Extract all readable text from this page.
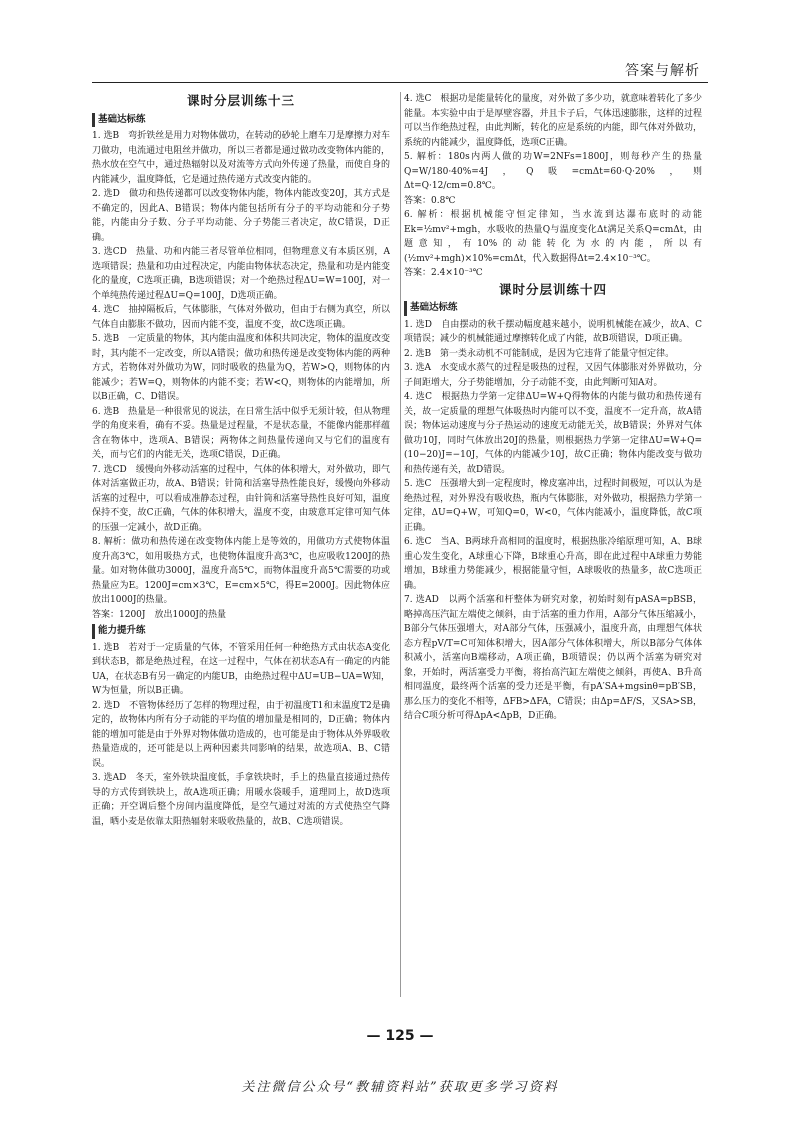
答案与解析
课时分层训练十三
基础达标练

1. 选B　弯折铁丝是用力对物体做功，在转动的砂轮上磨车刀是摩擦力对车刀做功，电流通过电阻丝并做功，所以三者都是通过做功改变物体内能的，热水放在空气中，通过热辐射以及对流等方式向外传递了热量，而使自身的内能减少，温度降低，它是通过热传递方式改变内能的。

2. 选D　做功和热传递都可以改变物体内能，物体内能改变20J，其方式是不确定的，因此A、B错误；物体内能包括所有分子的平均动能和分子势能，内能由分子数、分子平均动能、分子势能三者决定，故C错误，D正确。

3. 选CD　热量、功和内能三者尽管单位相同，但物理意义有本质区别，A选项错误；热量和功由过程决定，内能由物体状态决定，热量和功是内能变化的量度，C选项正确，B选项错误；对一个绝热过程ΔU=W=100J，对一个单纯热传递过程ΔU=Q=100J，D选项正确。

4. 选C　抽掉隔板后，气体膨胀，气体对外做功，但由于右侧为真空，所以气体自由膨胀不做功，因而内能不变，温度不变，故C选项正确。

5. 选B　一定质量的物体，其内能由温度和体积共同决定，物体的温度改变时，其内能不一定改变，所以A错误；做功和热传递是改变物体内能的两种方式，若物体对外做功为W，同时吸收的热量为Q，若W>Q，则物体的内能减少；若W=Q，则物体的内能不变；若W<Q，则物体的内能增加，所以B正确，C、D错误。

6. 选B　热量是一种很常见的说法，在日常生活中似乎无须计较，但从物理学的角度来看，确有不妥。热量是过程量，不是状态量，不能像内能那样蕴含在物体中，选项A、B错误；两物体之间热量传递向又与它们的温度有关，而与它们的内能无关，选项C错误，D正确。

7. 选CD　缓慢向外移动活塞的过程中，气体的体积增大，对外做功，即气体对活塞做正功，故A、B错误；针筒和活塞导热性能良好，缓慢向外移动活塞的过程中，可以看成准静态过程，由针筒和活塞导热性良好可知，温度保持不变，故C正确，气体的体积增大，温度不变，由玻意耳定律可知气体的压强一定减小，故D正确。

8. 解析：做功和热传递在改变物体内能上是等效的，用做功方式使物体温度升高3℃，如用吸热方式，也使物体温度升高3℃，也应吸收1200J的热量。如对物体做功3000J，温度升高5℃，而物体温度升高5℃需要的功或热量应为E。1200J=cm×3℃，E=cm×5℃，得E=2000J。因此物体应放出1000J的热量。

答案：1200J　放出1000J的热量

能力提升练

1. 选B　若对于一定质量的气体，不管采用任何一种绝热方式由状态A变化到状态B，都是绝热过程，在这一过程中，气体在初状态A有一确定的内能UA，在状态B有另一确定的内能UB，由绝热过程中ΔU=UB−UA=W知，W为恒量，所以B正确。

2. 选D　不管物体经历了怎样的物理过程，由于初温度T1和末温度T2是确定的，故物体内所有分子动能的平均值的增加量是相同的，D正确；物体内能的增加可能是由于外界对物体做功造成的，也可能是由于物体从外界吸收热量造成的，还可能是以上两种因素共同影响的结果，故选项A、B、C错误。

3. 选AD　冬天，室外铁块温度低，手拿铁块时，手上的热量直接通过热传导的方式传到铁块上，故A选项正确；用暖水袋暖手，道理同上，故D选项正确；开空调后整个房间内温度降低，是空气通过对流的方式使热空气降温，晒小麦是依靠太阳热辐射来吸收热量的，故B、C选项错误。

4. 选C　根据功是能量转化的量度，对外做了多少功，就意味着转化了多少能量。本实验中由于是厚壁容器，并且卡子后，气体迅速膨胀，这样的过程可以当作绝热过程，由此判断，转化的应是系统的内能，即气体对外做功，系统的内能减少，温度降低，选项C正确。

5. 解析：180s内两人做的功W=2NFs=1800J，则每秒产生的热量Q=W/180·40%=4J，Q吸=cmΔt=60·Q·20%，则Δt=Q·12/cm=0.8℃。

答案：0.8℃

6. 解析：根据机械能守恒定律知，当水流到达瀑布底时的动能Ek=½mv²+mgh，水吸收的热量Q与温度变化Δt满足关系Q=cmΔt，由题意知，有10%的动能转化为水的内能，所以有(½mv²+mgh)×10%=cmΔt，代入数据得Δt=2.4×10⁻³℃。

答案：2.4×10⁻³℃

课时分层训练十四
基础达标练

1. 选D　自由摆动的秋千摆动幅度越来越小，说明机械能在减少，故A、C项错误；减少的机械能通过摩擦转化成了内能，故B项错误，D项正确。

2. 选B　第一类永动机不可能制成，是因为它违背了能量守恒定律。

3. 选A　水变成水蒸气的过程是吸热的过程，又因气体膨胀对外界做功，分子间距增大，分子势能增加，分子动能不变，由此判断可知A对。

4. 选C　根据热力学第一定律ΔU=W+Q得物体的内能与做功和热传递有关，故一定质量的理想气体吸热时内能可以不变，温度不一定升高，故A错误；物体运动速度与分子热运动的速度无动能无关，故B错误；外界对气体做功10J，同时气体放出20J的热量，则根据热力学第一定律ΔU=W+Q=(10−20)J=−10J，气体的内能减少10J，故C正确；物体内能改变与做功和热传递有关，故D错误。

5. 选C　压强增大到一定程度时，橡皮塞冲出，过程时间极短，可以认为是绝热过程，对外界没有吸收热，瓶内气体膨胀，对外做功，根据热力学第一定律，ΔU=Q+W，可知Q=0，W<0，气体内能减小，温度降低，故C项正确。

6. 选C　当A、B两球升高相同的温度时，根据热胀冷缩原理可知，A、B球重心发生变化，A球重心下降，B球重心升高，即在此过程中A球重力势能增加，B球重力势能减少，根据能量守恒，A球吸收的热量多，故C选项正确。

7. 选AD　以两个活塞和杆整体为研究对象，初始时刻有pASA=pBSB，略掉高压汽缸左端使之倾斜，由于活塞的重力作用，A部分气体压缩减小，B部分气体压强增大，对A部分气体，压强减小，温度升高，由理想气体状态方程pV/T=C可知体积增大，因A部分气体体积增大，所以B部分气体体积减小，活塞向B端移动，A项正确，B项错误；仍以两个活塞为研究对象，开始时，两活塞受力平衡，将抬高汽缸左端使之倾斜，再使A、B升高相同温度，最终两个活塞的受力还是平衡，有pA′SA+mgsinθ=pB′SB，那么压力的变化不相等，ΔFB>ΔFA，C错误；由Δp=ΔF/S，又SA>SB，结合C项分析可得ΔpA<ΔpB，D正确。

— 125 —
关注微信公众号“教辅资料站”获取更多学习资料
